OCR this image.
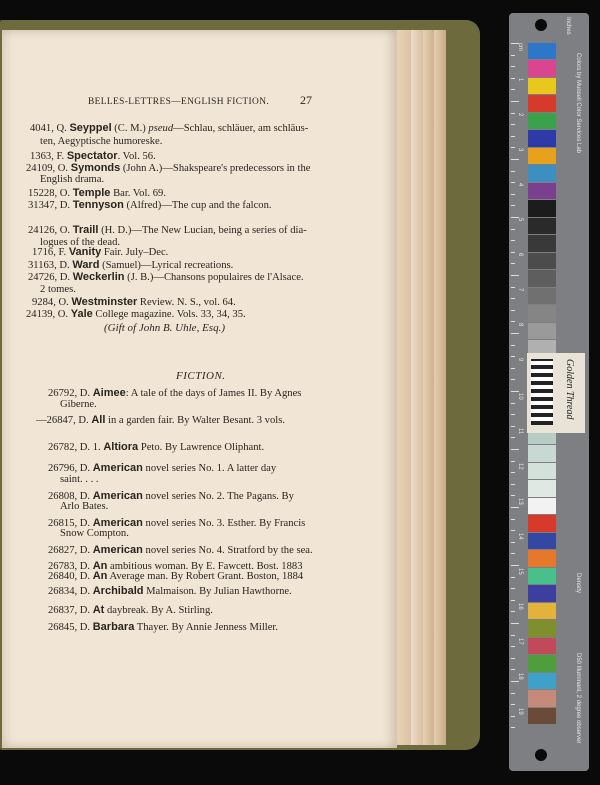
BELLES-LETTRES—ENGLISH FICTION.	27
4041, Q. Seyppel (C. M.) pseud—Schlau, schläuer, am schläus-
ten, Aegyptische humoreske.
1363, F. Spectator. Vol. 56.
24109, O. Symonds (John A.)—Shakspeare's predecessors in the
English drama.
15228, O. Temple Bar. Vol. 69.
31347, D. Tennyson (Alfred)—The cup and the falcon.
24126, O. Traill (H. D.)—The New Lucian, being a series of dia-
logues of the dead.
1716, F. Vanity Fair. July–Dec.
31163, D. Ward (Samuel)—Lyrical recreations.
24726, D. Weckerlin (J. B.)—Chansons populaires de l'Alsace.
2 tomes.
9284, O. Westminster Review. N. S., vol. 64.
24139, O. Yale College magazine. Vols. 33, 34, 35.
(Gift of John B. Uhle, Esq.)
FICTION.
26792, D. Aimee: A tale of the days of James II. By Agnes
Giberne.
—26847, D. All in a garden fair. By Walter Besant. 3 vols.
26782, D. 1. Altiora Peto. By Lawrence Oliphant.
26796, D. American novel series No. 1. A latter day
saint. . . .
26808, D. American novel series No. 2. The Pagans. By
Arlo Bates.
26815, D. American novel series No. 3. Esther. By Francis
Snow Compton.
26827, D. American novel series No. 4. Stratford by the sea.
26783, D. An ambitious woman. By E. Fawcett. Bost. 1883
26840, D. An Average man. By Robert Grant. Boston, 1884
26834, D. Archibald Malmaison. By Julian Hawthorne.
26837, D. At daybreak. By A. Stirling.
26845, D. Barbara Thayer. By Annie Jenness Miller.
Inches
Colors by Munsell Color Services Lab
Density
D50 Illuminant, 2 degree observer
cm
1
2
3
4
5
6
7
8
9
10
11
12
13
14
15
16
17
18
19
Golden Thread
